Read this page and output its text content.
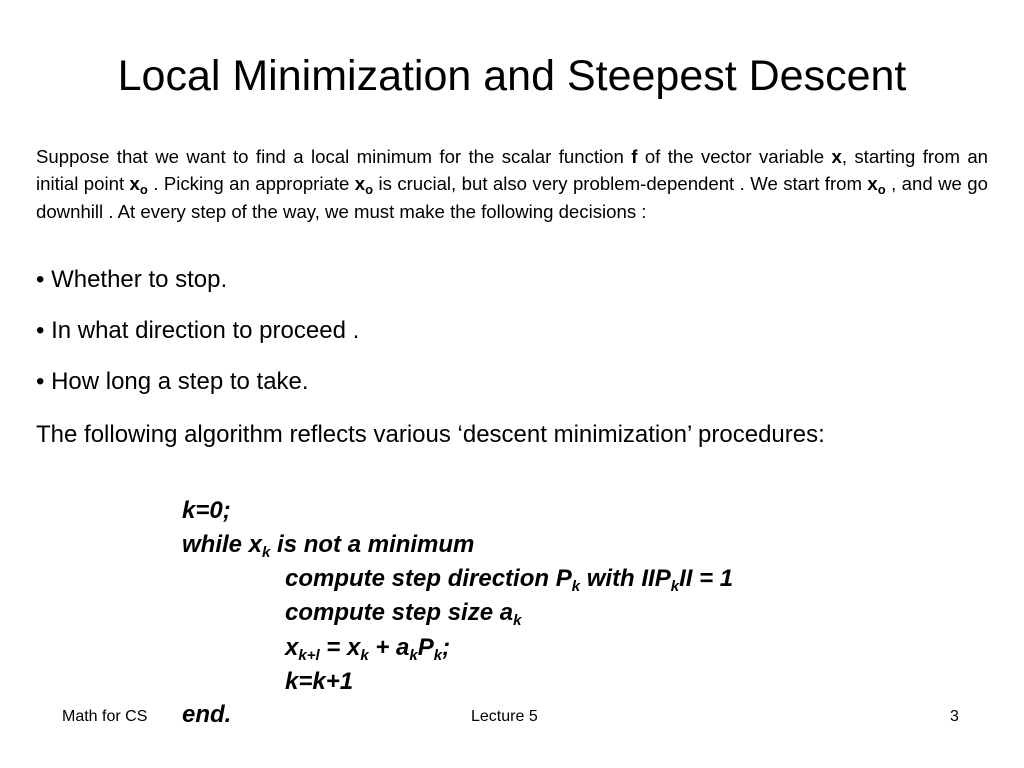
Local Minimization and Steepest Descent
Suppose that we want to find a local minimum for the scalar function f of the vector variable x, starting from an initial point $x_o$ . Picking an appropriate $x_o$ is crucial, but also very problem-dependent . We start from $x_o$ , and we go downhill . At every step of the way, we must make the following decisions :
• Whether to stop.
• In what direction to proceed .
• How long a step to take.
The following algorithm reflects various ‘descent minimization’ procedures:
k=0;
while $x_k$ is not a minimum
compute step direction $P_k$ with $IIP_kII = 1$
compute step size $a_k$
$x_{k+l} = x_k + a_kP_k$;
k=k+1
end.
Math for CS	Lecture 5	3
